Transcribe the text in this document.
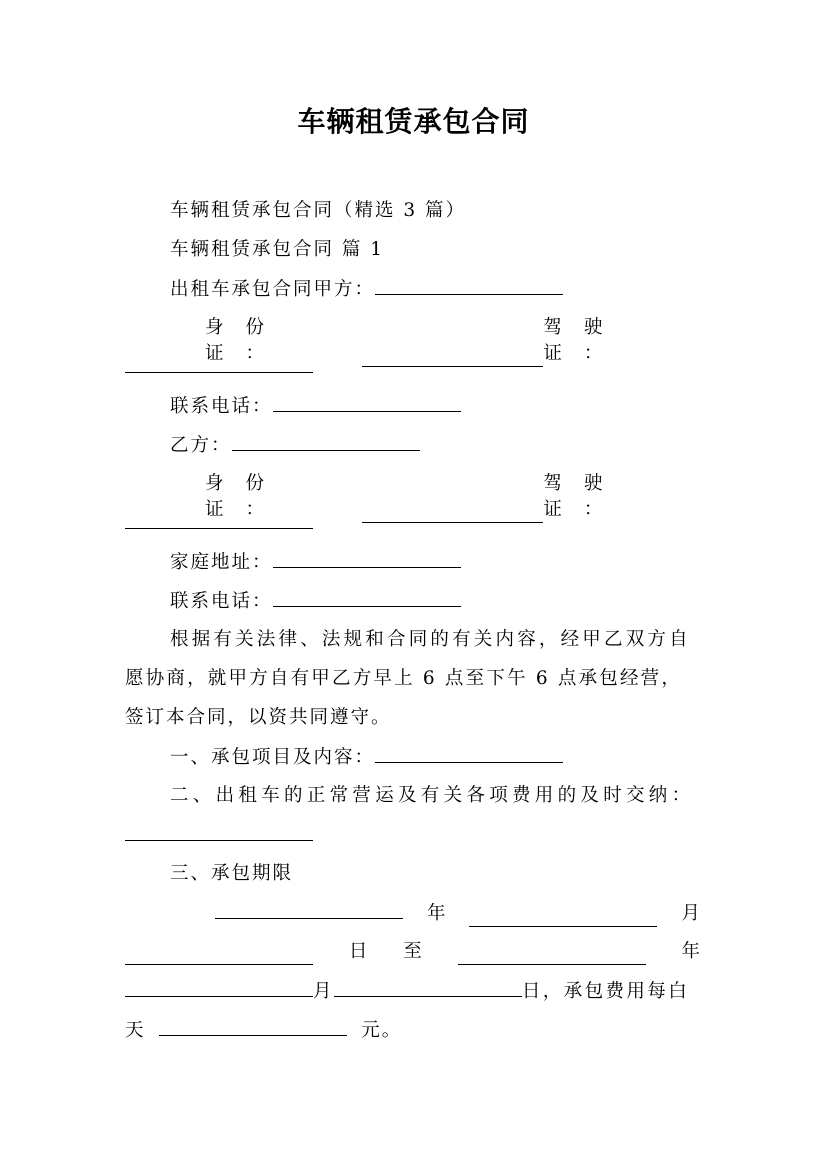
车辆租赁承包合同
车辆租赁承包合同（精选 3 篇）
车辆租赁承包合同 篇 1
出租车承包合同甲方：
身份证：
驾驶证：
联系电话：
乙方：
身份证：
驾驶证：
家庭地址：
联系电话：
根据有关法律、法规和合同的有关内容，经甲乙双方自
愿协商，就甲方自有甲乙方早上 6 点至下午 6 点承包经营，
签订本合同，以资共同遵守。
一、承包项目及内容：
二、出租车的正常营运及有关各项费用的及时交纳：
三、承包期限
年	月
日 至	年
月	日，承包费用每白
天	元。
